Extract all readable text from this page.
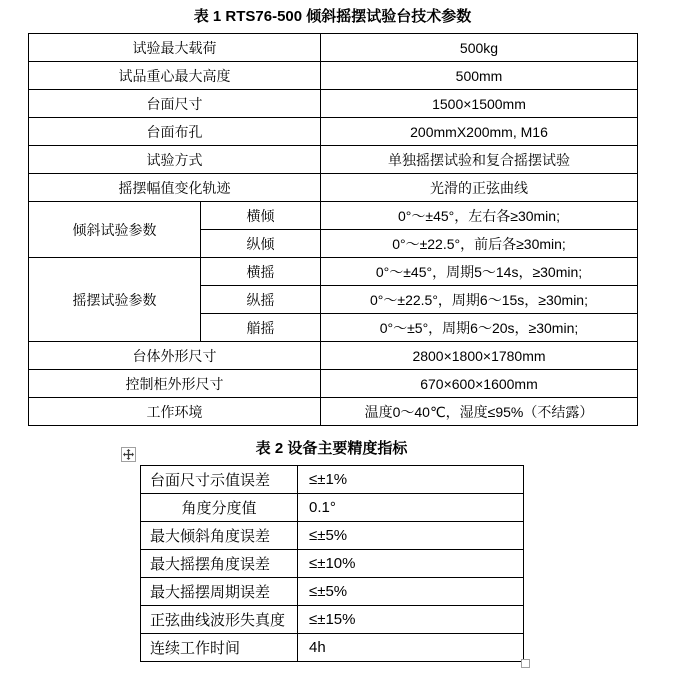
表 1 RTS76-500 倾斜摇摆试验台技术参数
试验最大载荷		500kg
试品重心最大高度		500mm
台面尺寸		1500×1500mm
台面布孔		200mmX200mm, M16
试验方式		单独摇摆试验和复合摇摆试验
摇摆幅值变化轨迹		光滑的正弦曲线
倾斜试验参数	横倾	0°～±45°，左右各≥30min;
	纵倾	0°～±22.5°，前后各≥30min;
摇摆试验参数	横摇	0°～±45°，周期5～14s，≥30min;
	纵摇	0°～±22.5°，周期6～15s，≥30min;
	艏摇	0°～±5°，周期6～20s，≥30min;
台体外形尺寸		2800×1800×1780mm
控制柜外形尺寸		670×600×1600mm
工作环境		温度0～40℃，湿度≤95%（不结露）
表 2 设备主要精度指标
台面尺寸示值误差	≤±1%
角度分度值	0.1°
最大倾斜角度误差	≤±5%
最大摇摆角度误差	≤±10%
最大摇摆周期误差	≤±5%
正弦曲线波形失真度	≤±15%
连续工作时间	4h
